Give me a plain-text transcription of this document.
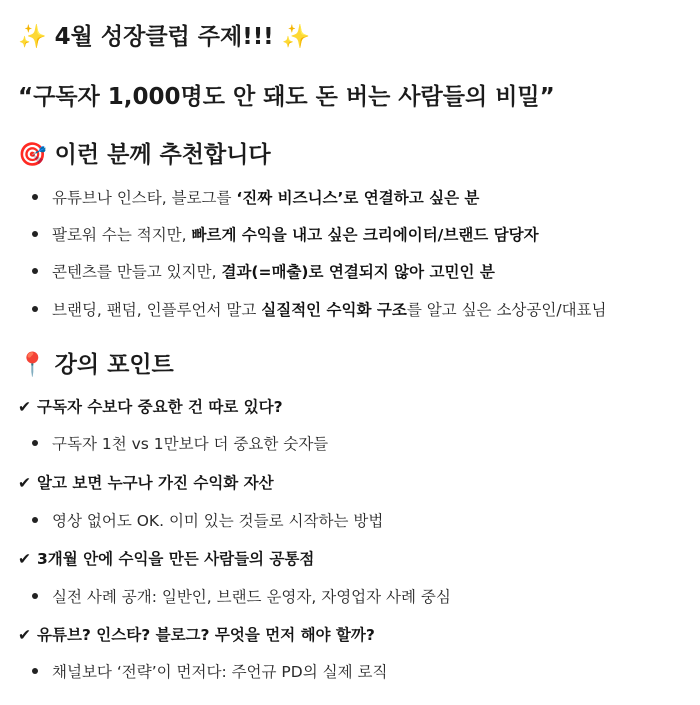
✨ 4월 성장클럽 주제!!! ✨
“구독자 1,000명도 안 돼도 돈 버는 사람들의 비밀”
🎯 이런 분께 추천합니다
유튜브나 인스타, 블로그를 ‘진짜 비즈니스’로 연결하고 싶은 분
팔로워 수는 적지만, 빠르게 수익을 내고 싶은 크리에이터/브랜드 담당자
콘텐츠를 만들고 있지만, 결과(=매출)로 연결되지 않아 고민인 분
브랜딩, 팬덤, 인플루언서 말고 실질적인 수익화 구조를 알고 싶은 소상공인/대표님
📍 강의 포인트
✔ 구독자 수보다 중요한 건 따로 있다?
구독자 1천 vs 1만보다 더 중요한 숫자들
✔ 알고 보면 누구나 가진 수익화 자산
영상 없어도 OK. 이미 있는 것들로 시작하는 방법
✔ 3개월 안에 수익을 만든 사람들의 공통점
실전 사례 공개: 일반인, 브랜드 운영자, 자영업자 사례 중심
✔ 유튜브? 인스타? 블로그? 무엇을 먼저 해야 할까?
채널보다 ‘전략’이 먼저다: 주언규 PD의 실제 로직
